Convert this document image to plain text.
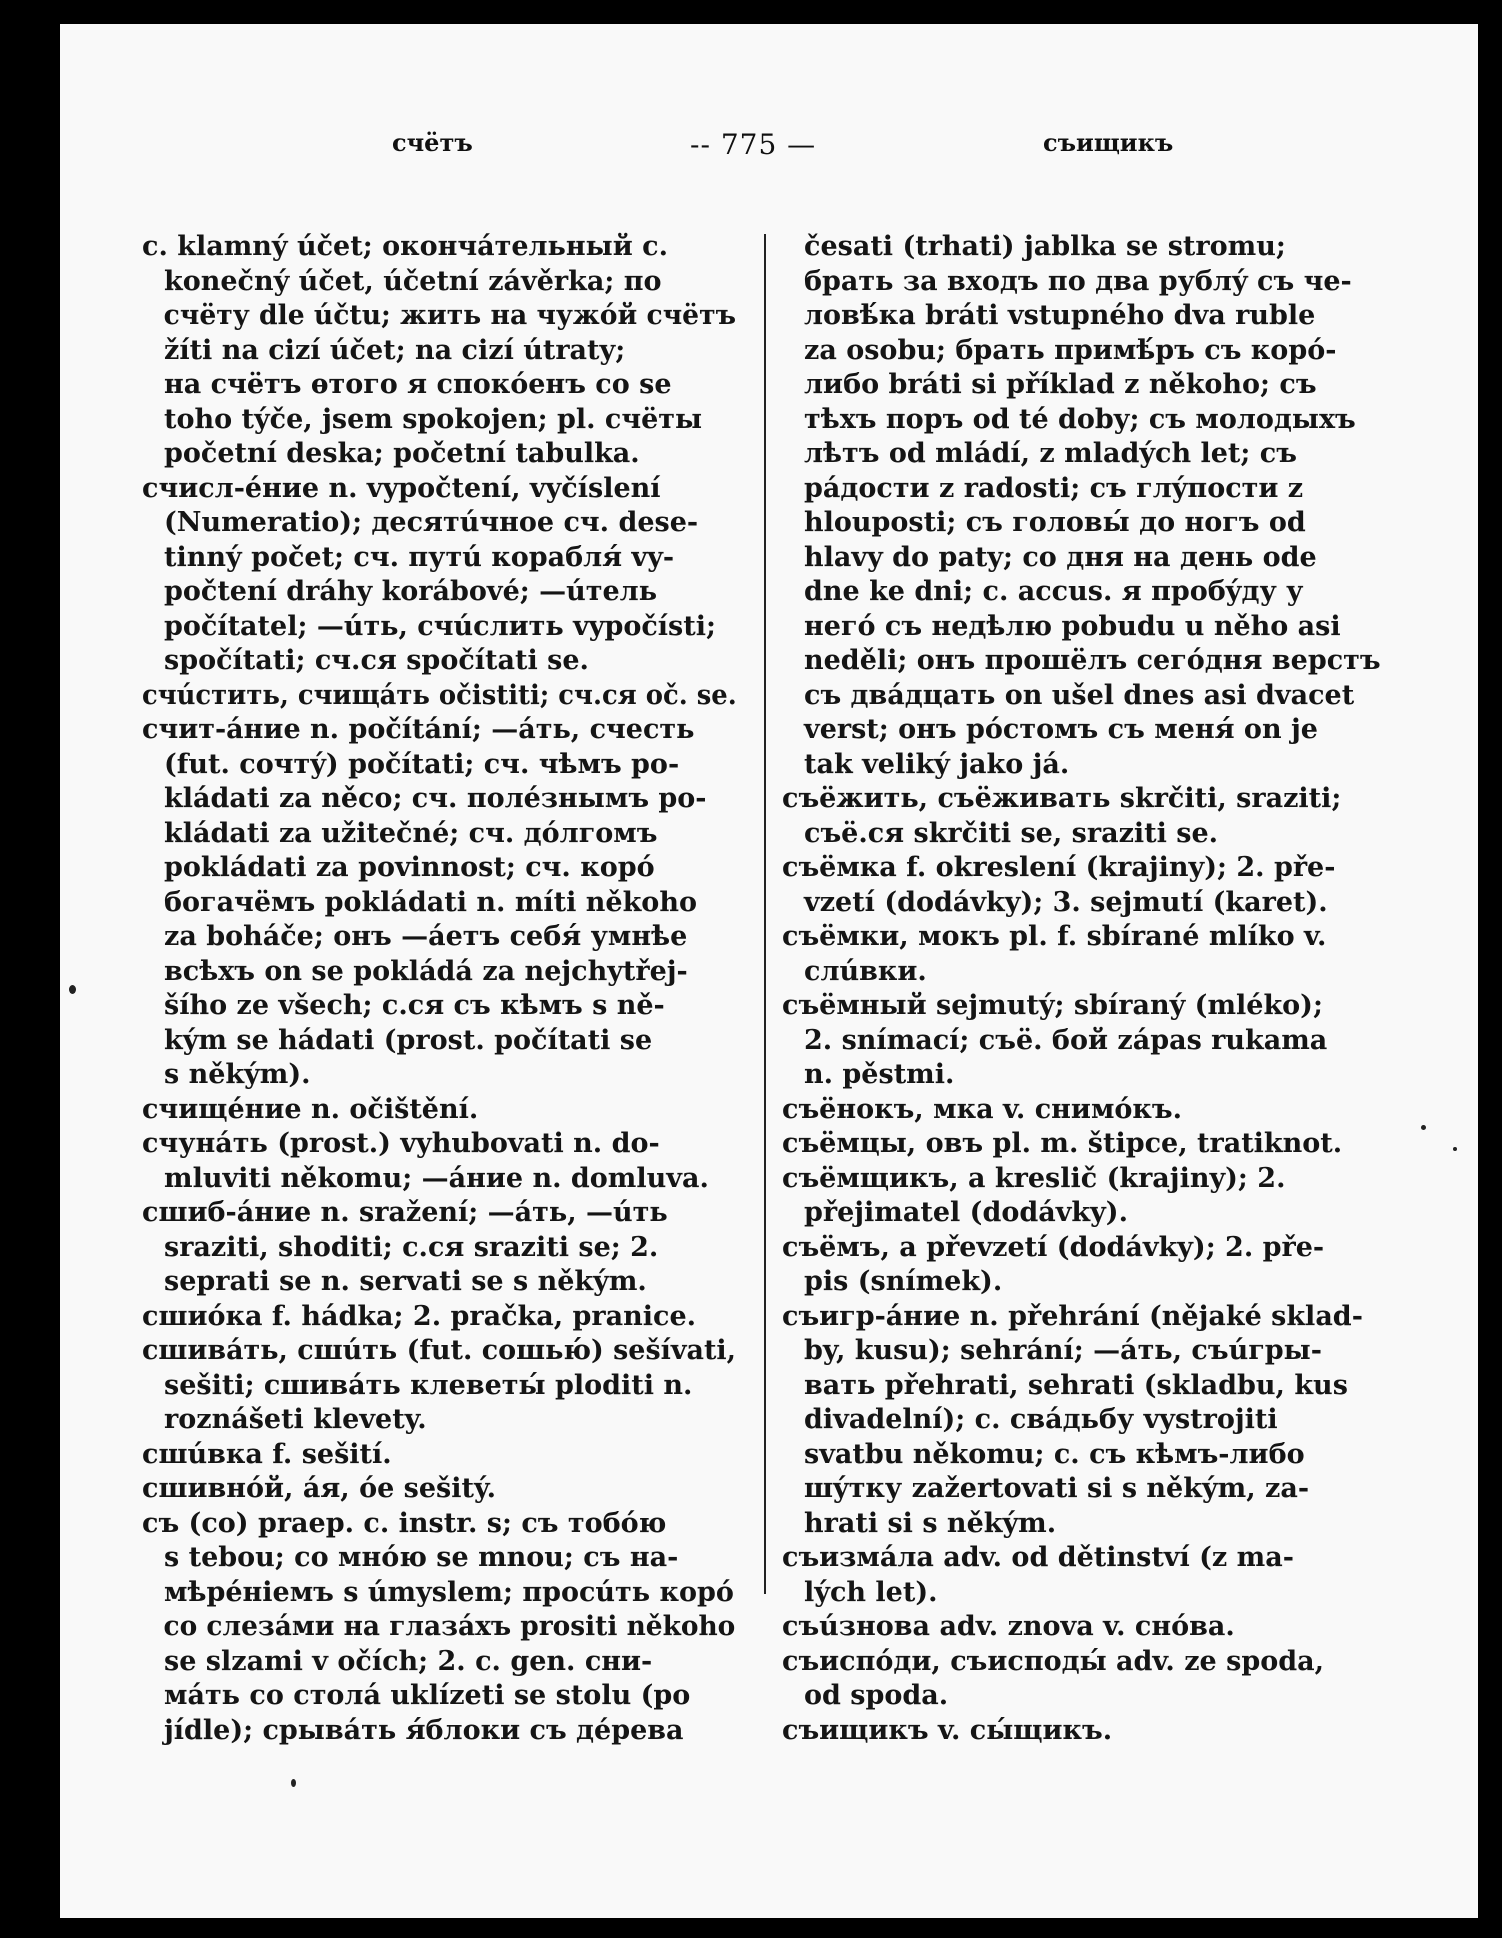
счётъ	-- 775 —	съищикъ
c. klamný účet; окончáтельный c.
konečný účet, účetní závěrka; по
счёту dle účtu; жить на чужóй счётъ
žíti na cizí účet; na cizí útraty;
на счётъ ѳтого я спокóенъ co se
toho týče, jsem spokojen; pl. счёты
početní deska; početní tabulka.
счисл-éние n. vypočtení, vyčíslení
(Numeratio); десятúчное сч. dese-
tinný počet; сч. путú корабля́ vy-
počtení dráhy korábové; —úтель
počítatel; —úть, счúслить vypočísti;
spočítati; сч.ся spočítati se.
счúстить, счищáть očistiti; сч.ся oč. se.
счит-áние n. počítání; —áть, счесть
(fut. сочтý) počítati; сч. чѣмъ po-
kládati za něco; сч. полéзнымъ po-
kládati za užitečné; сч. дóлгомъ
pokládati za povinnost; сч. корó
богачёмъ pokládati n. míti někoho
za boháče; онъ —áетъ себя́ умнѣе
всѣхъ on se pokládá za nejchytřej-
šího ze všech; с.ся съ кѣмъ s ně-
kým se hádati (prost. počítati se
s někým).
счищéние n. očištění.
счунáть (prost.) vyhubovati n. do-
mluviti někomu; —áние n. domluva.
сшиб-áние n. sražení; —áть, —úть
sraziti, shoditi; с.ся sraziti se; 2.
seprati se n. servati se s někým.
сшиóка f. hádka; 2. pračka, pranice.
сшивáть, сшúть (fut. сошью́) sešívati,
sešiti; сшивáть клеветы́ ploditi n.
roznášeti klevety.
сшúвка f. sešití.
сшивнóй, áя, óе sešitý.
съ (со) praep. c. instr. s; съ тобóю
s tebou; со мнóю se mnou; съ на-
мѣрéніемъ s úmyslem; просúть корó
со слезáми на глазáхъ prositi někoho
se slzami v očích; 2. c. gen. сни-
мáть со столá uklízeti se stolu (po
jídle); срывáть я́блоки съ дéрева
česati (trhati) jablka se stromu;
брать за входъ по два рублý съ че-
ловѣ́ка bráti vstupného dva ruble
za osobu; брать примѣ́ръ съ корó-
либо bráti si příklad z někoho; съ
тѣхъ поръ od té doby; съ молодыхъ
лѣтъ od mládí, z mladých let; съ
рáдости z radosti; съ глýпости z
hlouposti; съ головы́ до ногъ od
hlavy do paty; со дня на день ode
dne ke dni; c. accus. я пробýду у
негó съ недѣлю pobudu u něho asi
neděli; онъ прошёлъ сегóдня верстъ
съ двáдцать on ušel dnes asi dvacet
verst; онъ рóстомъ съ меня́ on je
tak veliký jako já.
съёжить, съёживать skrčiti, sraziti;
съё.ся skrčiti se, sraziti se.
съёмка f. okreslení (krajiny); 2. pře-
vzetí (dodávky); 3. sejmutí (karet).
съёмки, мокъ pl. f. sbírané mlíko v.
слúвки.
съёмный sejmutý; sbíraný (mléko);
2. snímací; съё. бой zápas rukama
n. pěstmi.
съёнокъ, мка v. снимóкъ.
съёмцы, овъ pl. m. štipce, tratiknot.
съёмщикъ, а kreslič (krajiny); 2.
přejimatel (dodávky).
съёмъ, а převzetí (dodávky); 2. pře-
pis (snímek).
съигр-áние n. přehrání (nějaké sklad-
by, kusu); sehrání; —áть, съúгры-
вать přehrati, sehrati (skladbu, kus
divadelní); с. свáдьбу vystrojiti
svatbu někomu; с. съ кѣмъ-либо
шýтку zažertovati si s někým, za-
hrati si s někým.
съизмáла adv. od dětinství (z ma-
lých let).
съúзнова adv. znova v. снóва.
съиспóди, съисподы́ adv. ze spoda,
od spoda.
съищикъ v. сы́щикъ.
